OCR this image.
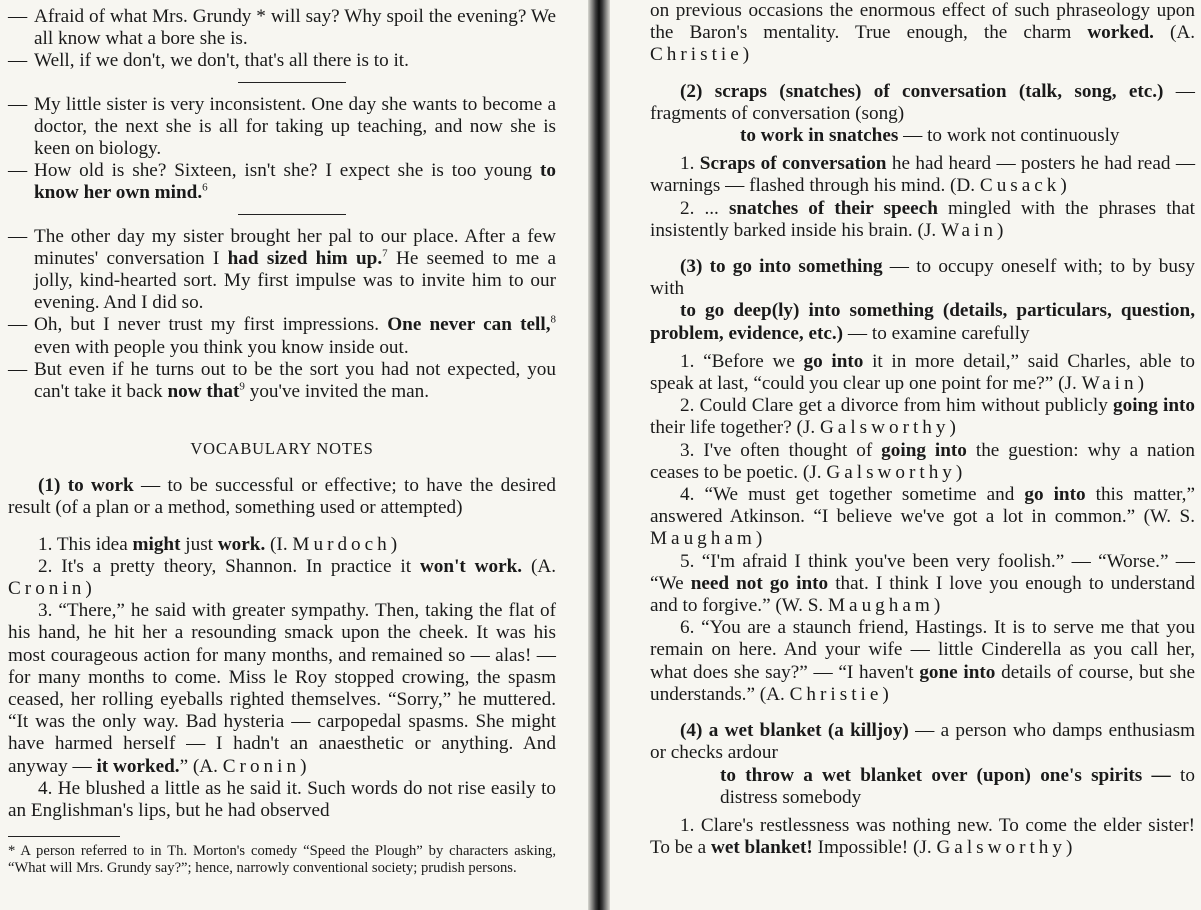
— Afraid of what Mrs. Grundy * will say? Why spoil the evening? We all know what a bore she is.
— Well, if we don't, we don't, that's all there is to it.
— My little sister is very inconsistent. One day she wants to become a doctor, the next she is all for taking up teaching, and now she is keen on biology.
— How old is she? Sixteen, isn't she? I expect she is too young to know her own mind.$^6$
— The other day my sister brought her pal to our place. After a few minutes' conversation I had sized him up.$^7$ He seemed to me a jolly, kind-hearted sort. My first impulse was to invite him to our evening. And I did so.
— Oh, but I never trust my first impressions. One never can tell,$^8$ even with people you think you know inside out.
— But even if he turns out to be the sort you had not expected, you can't take it back now that$^9$ you've invited the man.
VOCABULARY NOTES

(1) to work — to be successful or effective; to have the desired result (of a plan or a method, something used or attempted)

1. This idea might just work. (I. Murdoch)

2. It's a pretty theory, Shannon. In practice it won't work. (A. Cronin)

3. “There,” he said with greater sympathy. Then, taking the flat of his hand, he hit her a resounding smack upon the cheek. It was his most courageous action for many months, and remained so — alas! — for many months to come. Miss le Roy stopped crowing, the spasm ceased, her rolling eyeballs righted themselves. “Sorry,” he muttered. “It was the only way. Bad hysteria — carpopedal spasms. She might have harmed herself — I hadn't an anaesthetic or anything. And anyway — it worked.” (A. Cronin)

4. He blushed a little as he said it. Such words do not rise easily to an Englishman's lips, but he had observed

* A person referred to in Th. Morton's comedy “Speed the Plough” by characters asking, “What will Mrs. Grundy say?”; hence, narrowly conventional society; prudish persons.

on previous occasions the enormous effect of such phraseology upon the Baron's mentality. True enough, the charm worked. (A. Christie)

(2) scraps (snatches) of conversation (talk, song, etc.) — fragments of conversation (song)

to work in snatches — to work not continuously

1. Scraps of conversation he had heard — posters he had read — warnings — flashed through his mind. (D. Cusack)

2. ... snatches of their speech mingled with the phrases that insistently barked inside his brain. (J. Wain)

(3) to go into something — to occupy oneself with; to by busy with

to go deep(ly) into something (details, particulars, question, problem, evidence, etc.) — to examine carefully

1. “Before we go into it in more detail,” said Charles, able to speak at last, “could you clear up one point for me?” (J. Wain)

2. Could Clare get a divorce from him without publicly going into their life together? (J. Galsworthy)

3. I've often thought of going into the guestion: why a nation ceases to be poetic. (J. Galsworthy)

4. “We must get together sometime and go into this matter,” answered Atkinson. “I believe we've got a lot in common.” (W. S. Maugham)

5. “I'm afraid I think you've been very foolish.” — “Worse.” — “We need not go into that. I think I love you enough to understand and to forgive.” (W. S. Maugham)

6. “You are a staunch friend, Hastings. It is to serve me that you remain on here. And your wife — little Cinderella as you call her, what does she say?” — “I haven't gone into details of course, but she understands.” (A. Christie)

(4) a wet blanket (a killjoy) — a person who damps enthusiasm or checks ardour

to throw a wet blanket over (upon) one's spirits — to distress somebody

1. Clare's restlessness was nothing new. To come the elder sister! To be a wet blanket! Impossible! (J. Galsworthy)
